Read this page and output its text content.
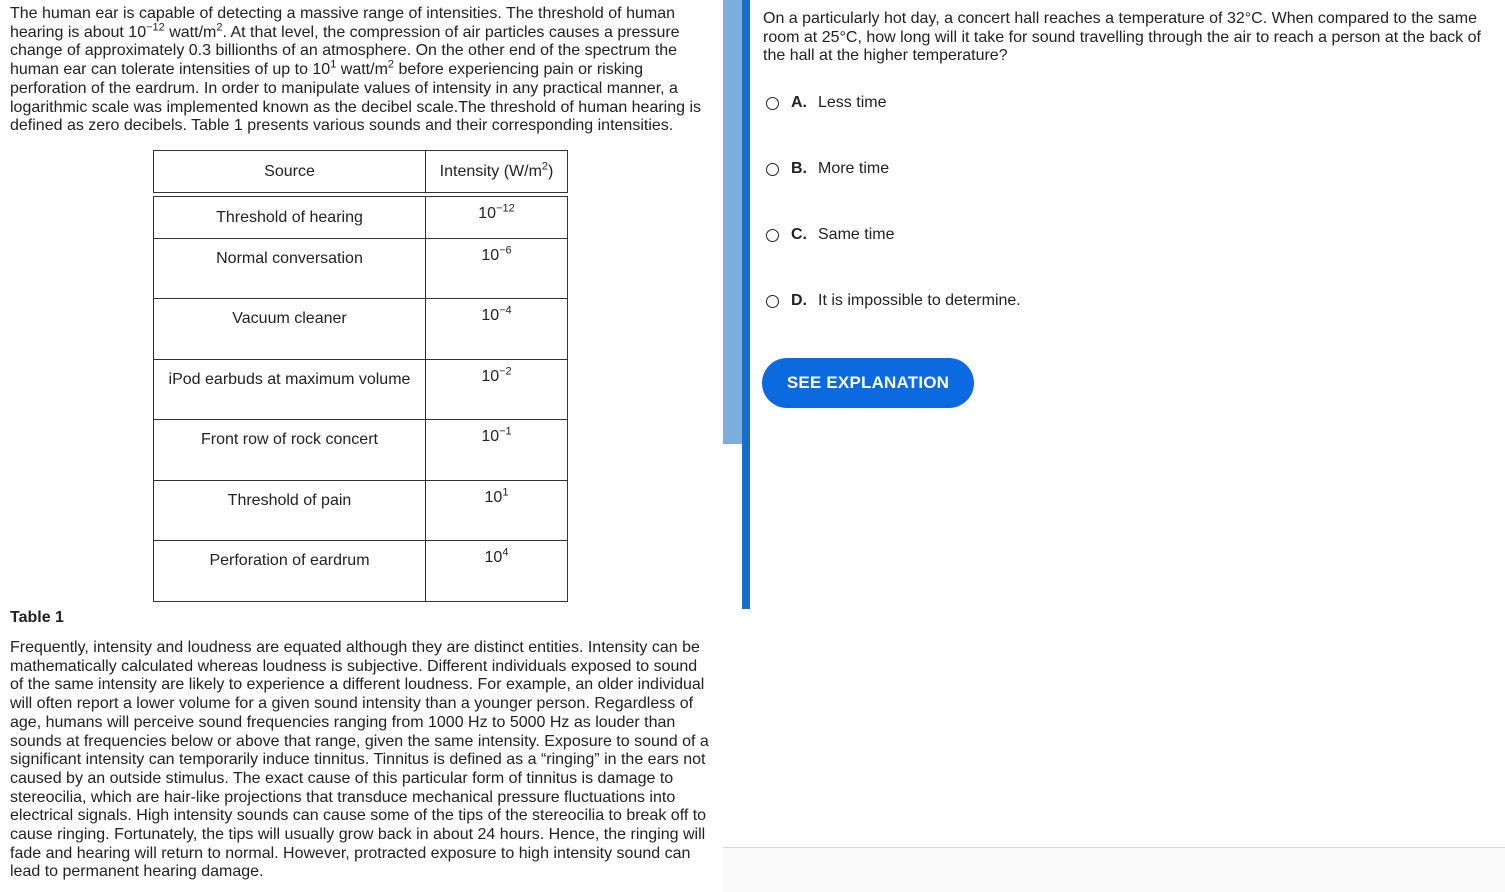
The human ear is capable of detecting a massive range of intensities. The threshold of human hearing is about $10^{-12}$ watt/$m^2$. At that level, the compression of air particles causes a pressure change of approximately 0.3 billionths of an atmosphere. On the other end of the spectrum the human ear can tolerate intensities of up to $10^1$ watt/$m^2$ before experiencing pain or risking perforation of the eardrum. In order to manipulate values of intensity in any practical manner, a logarithmic scale was implemented known as the decibel scale.The threshold of human hearing is defined as zero decibels. Table 1 presents various sounds and their corresponding intensities.

Source	Intensity $(W/m^2)$
Threshold of hearing	$10^{-12}$
Normal conversation	$10^{-6}$
Vacuum cleaner	$10^{-4}$
iPod earbuds at maximum volume	$10^{-2}$
Front row of rock concert	$10^{-1}$
Threshold of pain	$10^1$
Perforation of eardrum	$10^4$
Table 1
Frequently, intensity and loudness are equated although they are distinct entities. Intensity can be mathematically calculated whereas loudness is subjective. Different individuals exposed to sound of the same intensity are likely to experience a different loudness. For example, an older individual will often report a lower volume for a given sound intensity than a younger person. Regardless of age, humans will perceive sound frequencies ranging from 1000 Hz to 5000 Hz as louder than sounds at frequencies below or above that range, given the same intensity. Exposure to sound of a significant intensity can temporarily induce tinnitus. Tinnitus is defined as a “ringing” in the ears not caused by an outside stimulus. The exact cause of this particular form of tinnitus is damage to stereocilia, which are hair-like projections that transduce mechanical pressure fluctuations into electrical signals. High intensity sounds can cause some of the tips of the stereocilia to break off to cause ringing. Fortunately, the tips will usually grow back in about 24 hours. Hence, the ringing will fade and hearing will return to normal. However, protracted exposure to high intensity sound can lead to permanent hearing damage.
On a particularly hot day, a concert hall reaches a temperature of 32°C. When compared to the same room at 25°C, how long will it take for sound travelling through the air to reach a person at the back of the hall at the higher temperature?
A. Less time
B. More time
C. Same time
D. It is impossible to determine.
SEE EXPLANATION
